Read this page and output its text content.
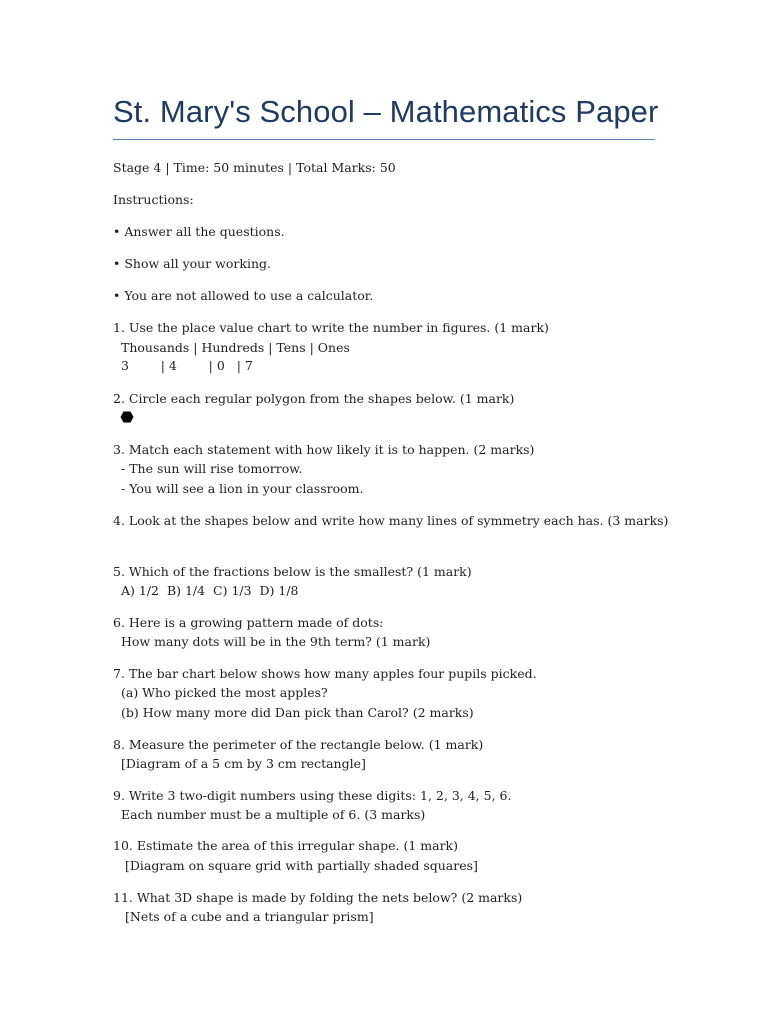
St. Mary's School – Mathematics Paper
Stage 4 | Time: 50 minutes | Total Marks: 50
Instructions:
• Answer all the questions.
• Show all your working.
• You are not allowed to use a calculator.
1. Use the place value chart to write the number in figures. (1 mark)
Thousands | Hundreds | Tens | Ones
3        | 4        | 0   | 7
2. Circle each regular polygon from the shapes below. (1 mark)
3. Match each statement with how likely it is to happen. (2 marks)
- The sun will rise tomorrow.
- You will see a lion in your classroom.
4. Look at the shapes below and write how many lines of symmetry each has. (3 marks)
5. Which of the fractions below is the smallest? (1 mark)
A) 1/2  B) 1/4  C) 1/3  D) 1/8
6. Here is a growing pattern made of dots:
How many dots will be in the 9th term? (1 mark)
7. The bar chart below shows how many apples four pupils picked.
(a) Who picked the most apples?
(b) How many more did Dan pick than Carol? (2 marks)
8. Measure the perimeter of the rectangle below. (1 mark)
[Diagram of a 5 cm by 3 cm rectangle]
9. Write 3 two-digit numbers using these digits: 1, 2, 3, 4, 5, 6.
Each number must be a multiple of 6. (3 marks)
10. Estimate the area of this irregular shape. (1 mark)
[Diagram on square grid with partially shaded squares]
11. What 3D shape is made by folding the nets below? (2 marks)
[Nets of a cube and a triangular prism]
